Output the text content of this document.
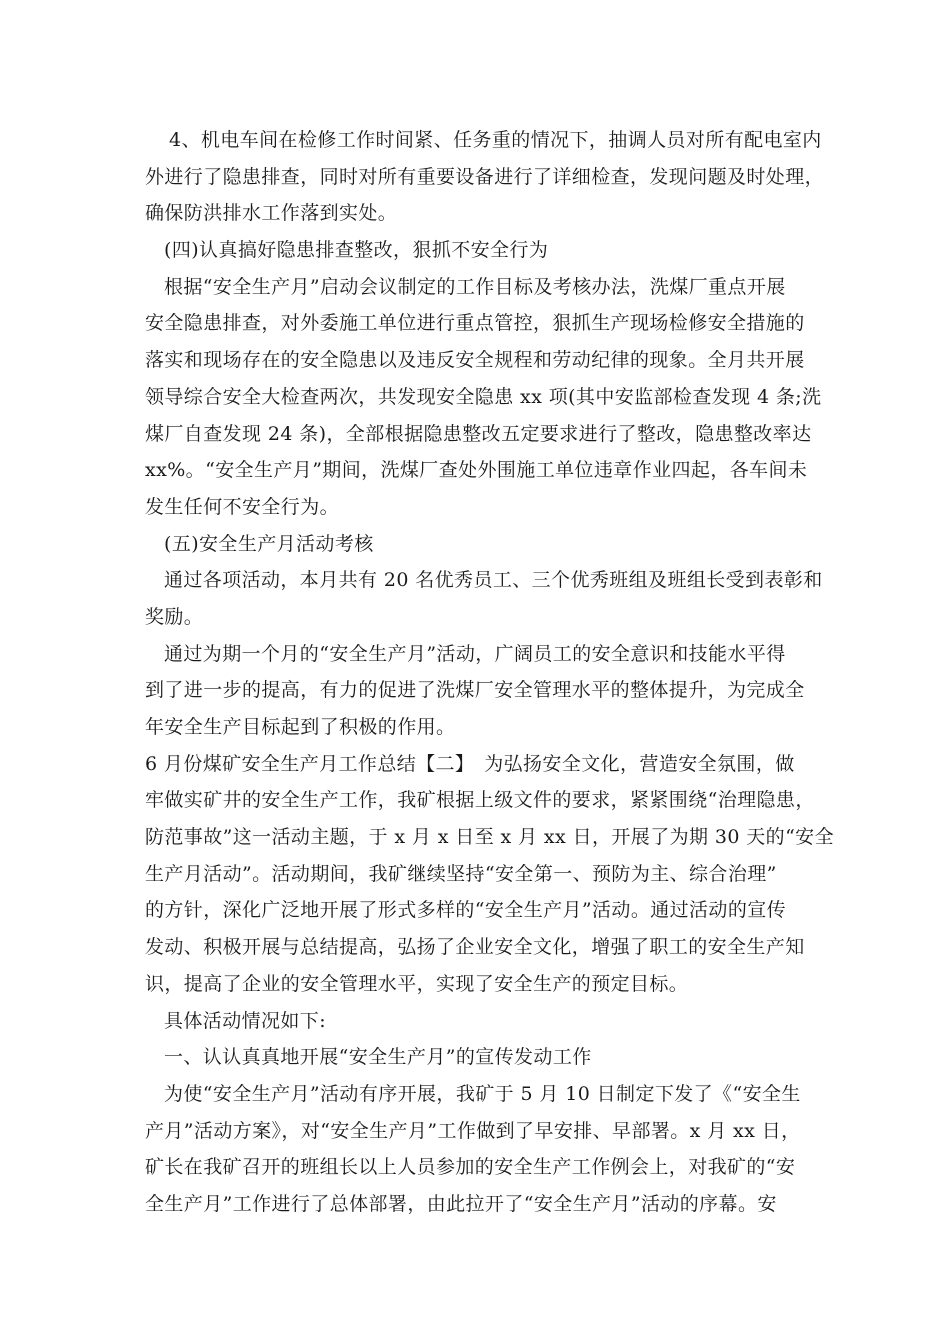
4、机电车间在检修工作时间紧、任务重的情况下，抽调人员对所有配电室内
外进行了隐患排查，同时对所有重要设备进行了详细检查，发现问题及时处理，
确保防洪排水工作落到实处。
(四)认真搞好隐患排查整改，狠抓不安全行为
根据“安全生产月”启动会议制定的工作目标及考核办法，洗煤厂重点开展
安全隐患排查，对外委施工单位进行重点管控，狠抓生产现场检修安全措施的
落实和现场存在的安全隐患以及违反安全规程和劳动纪律的现象。全月共开展
领导综合安全大检查两次，共发现安全隐患 xx 项(其中安监部检查发现 4 条;洗
煤厂自查发现 24 条)，全部根据隐患整改五定要求进行了整改，隐患整改率达
xx%。“安全生产月”期间，洗煤厂查处外围施工单位违章作业四起，各车间未
发生任何不安全行为。
(五)安全生产月活动考核
通过各项活动，本月共有 20 名优秀员工、三个优秀班组及班组长受到表彰和
奖励。
通过为期一个月的“安全生产月”活动，广阔员工的安全意识和技能水平得
到了进一步的提高，有力的促进了洗煤厂安全管理水平的整体提升，为完成全
年安全生产目标起到了积极的作用。
6 月份煤矿安全生产月工作总结【二】　为弘扬安全文化，营造安全氛围，做
牢做实矿井的安全生产工作，我矿根据上级文件的要求，紧紧围绕“治理隐患，
防范事故”这一活动主题，于 x 月 x 日至 x 月 xx 日，开展了为期 30 天的“安全
生产月活动”。活动期间，我矿继续坚持“安全第一、预防为主、综合治理”
的方针，深化广泛地开展了形式多样的“安全生产月”活动。通过活动的宣传
发动、积极开展与总结提高，弘扬了企业安全文化，增强了职工的安全生产知
识，提高了企业的安全管理水平，实现了安全生产的预定目标。
具体活动情况如下:
一、认认真真地开展“安全生产月”的宣传发动工作
为使“安全生产月”活动有序开展，我矿于 5 月 10 日制定下发了《“安全生
产月”活动方案》，对“安全生产月”工作做到了早安排、早部署。x 月 xx 日，
矿长在我矿召开的班组长以上人员参加的安全生产工作例会上，对我矿的“安
全生产月”工作进行了总体部署，由此拉开了“安全生产月”活动的序幕。安
